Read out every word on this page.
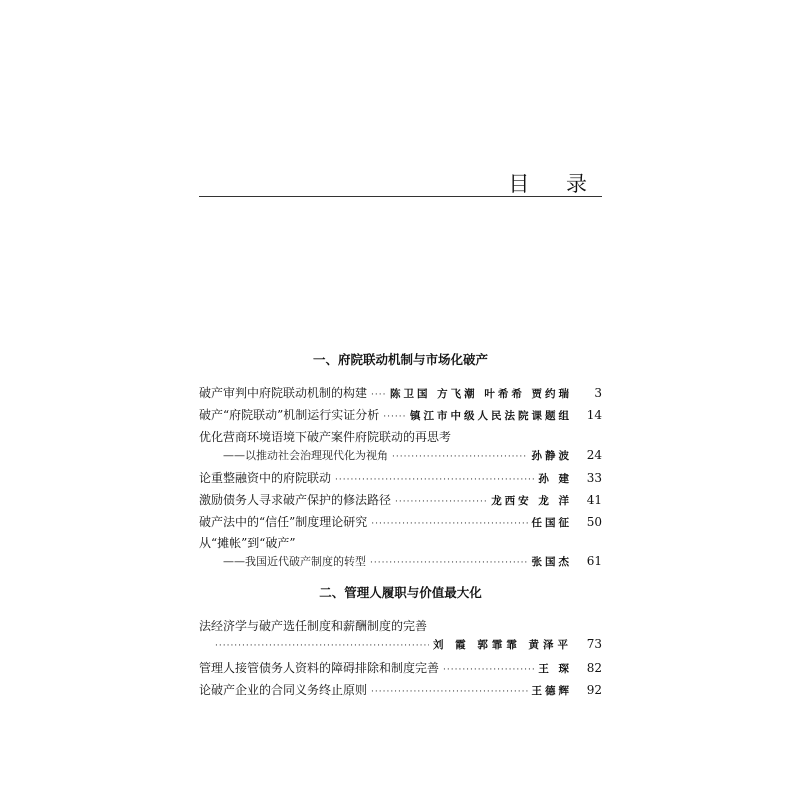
目 录
一、府院联动机制与市场化破产
破产审判中府院联动机制的构建 ····· 陈卫国 方飞潮 叶希希 贾约瑞	3
破产“府院联动”机制运行实证分析 ·····	镇江市中级人民法院课题组	14
优化营商环境语境下破产案件府院联动的再思考
——以推动社会治理现代化为视角 ·····	孙静波	24
论重整融资中的府院联动 ·····	孙 建	33
激励债务人寻求破产保护的修法路径 ·····	龙西安 龙 洋	41
破产法中的“信任”制度理论研究 ·····	任国征	50
从“摊帐”到“破产”
——我国近代破产制度的转型 ·····	张国杰	61
二、管理人履职与价值最大化
法经济学与破产选任制度和薪酬制度的完善
·····
刘 霞 郭霏霏 黄泽平	73
管理人接管债务人资料的障碍排除和制度完善 ·····	王 琛	82
论破产企业的合同义务终止原则 ·····	王德辉	92
